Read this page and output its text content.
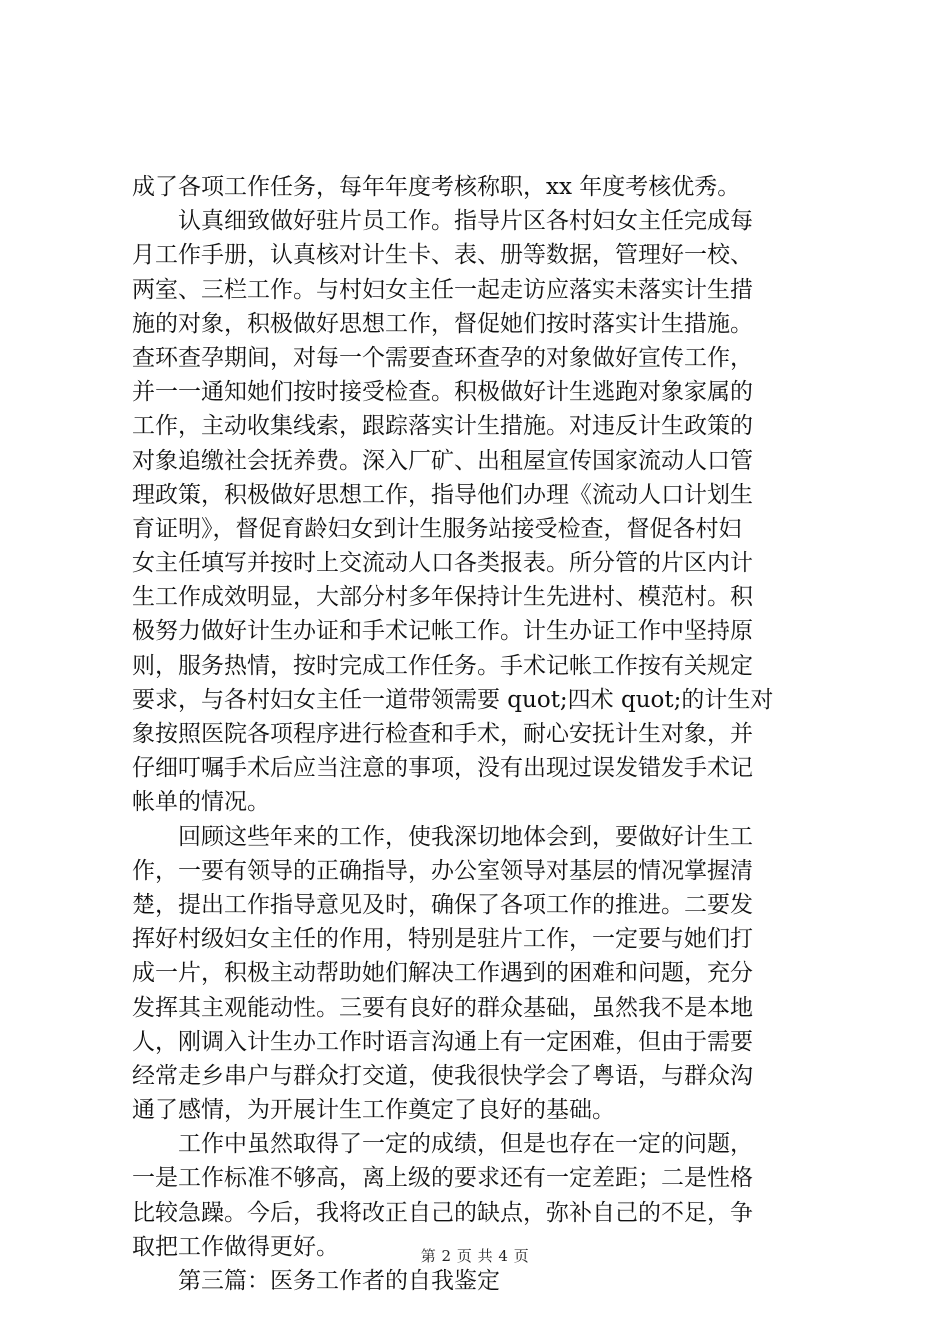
成了各项工作任务，每年年度考核称职，xx 年度考核优秀。
认真细致做好驻片员工作。指导片区各村妇女主任完成每
月工作手册，认真核对计生卡、表、册等数据，管理好一校、
两室、三栏工作。与村妇女主任一起走访应落实未落实计生措
施的对象，积极做好思想工作，督促她们按时落实计生措施。
查环查孕期间，对每一个需要查环查孕的对象做好宣传工作，
并一一通知她们按时接受检查。积极做好计生逃跑对象家属的
工作，主动收集线索，跟踪落实计生措施。对违反计生政策的
对象追缴社会抚养费。深入厂矿、出租屋宣传国家流动人口管
理政策，积极做好思想工作，指导他们办理《流动人口计划生
育证明》，督促育龄妇女到计生服务站接受检查，督促各村妇
女主任填写并按时上交流动人口各类报表。所分管的片区内计
生工作成效明显，大部分村多年保持计生先进村、模范村。积
极努力做好计生办证和手术记帐工作。计生办证工作中坚持原
则，服务热情，按时完成工作任务。手术记帐工作按有关规定
要求，与各村妇女主任一道带领需要 quot;四术 quot;的计生对
象按照医院各项程序进行检查和手术，耐心安抚计生对象，并
仔细叮嘱手术后应当注意的事项，没有出现过误发错发手术记
帐单的情况。
回顾这些年来的工作，使我深切地体会到，要做好计生工
作，一要有领导的正确指导，办公室领导对基层的情况掌握清
楚，提出工作指导意见及时，确保了各项工作的推进。二要发
挥好村级妇女主任的作用，特别是驻片工作，一定要与她们打
成一片，积极主动帮助她们解决工作遇到的困难和问题，充分
发挥其主观能动性。三要有良好的群众基础，虽然我不是本地
人，刚调入计生办工作时语言沟通上有一定困难，但由于需要
经常走乡串户与群众打交道，使我很快学会了粤语，与群众沟
通了感情，为开展计生工作奠定了良好的基础。
工作中虽然取得了一定的成绩，但是也存在一定的问题，
一是工作标准不够高，离上级的要求还有一定差距；二是性格
比较急躁。今后，我将改正自己的缺点，弥补自己的不足，争
取把工作做得更好。
第三篇：医务工作者的自我鉴定
第 2 页 共 4 页
